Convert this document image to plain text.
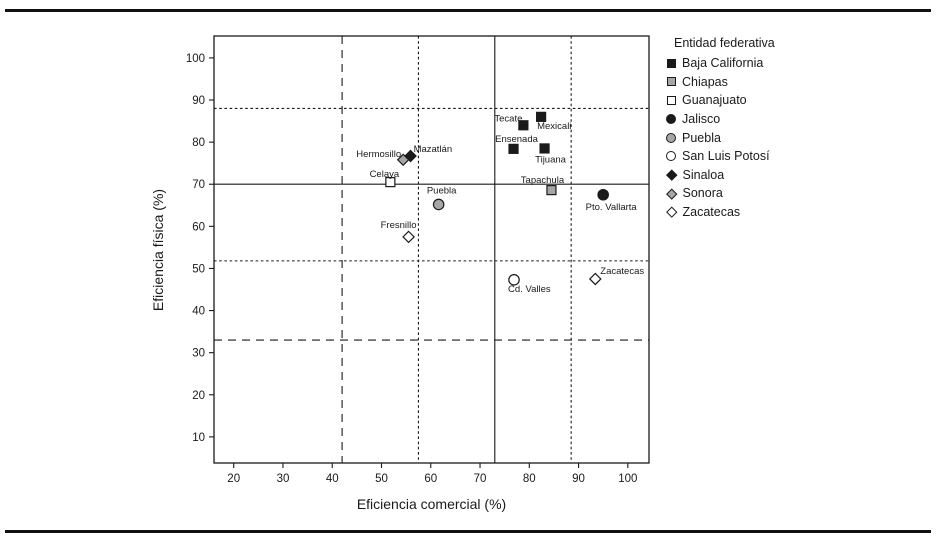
20	30	40	50	60	70	80	90	100
10
20
30
40
50
60
70
80
90
100
Tecate
Mexicali
Ensenada
Tijuana
Tapachula
Celaya
Pto. Vallarta
Puebla
Cd. Valles
Mazatlán
Hermosillo
Fresnillo
Zacatecas
Eficiencia física (%)
Eficiencia comercial (%)
Entidad federativa
Baja California
Chiapas
Guanajuato
Jalisco
Puebla
San Luis Potosí
Sinaloa
Sonora
Zacatecas
